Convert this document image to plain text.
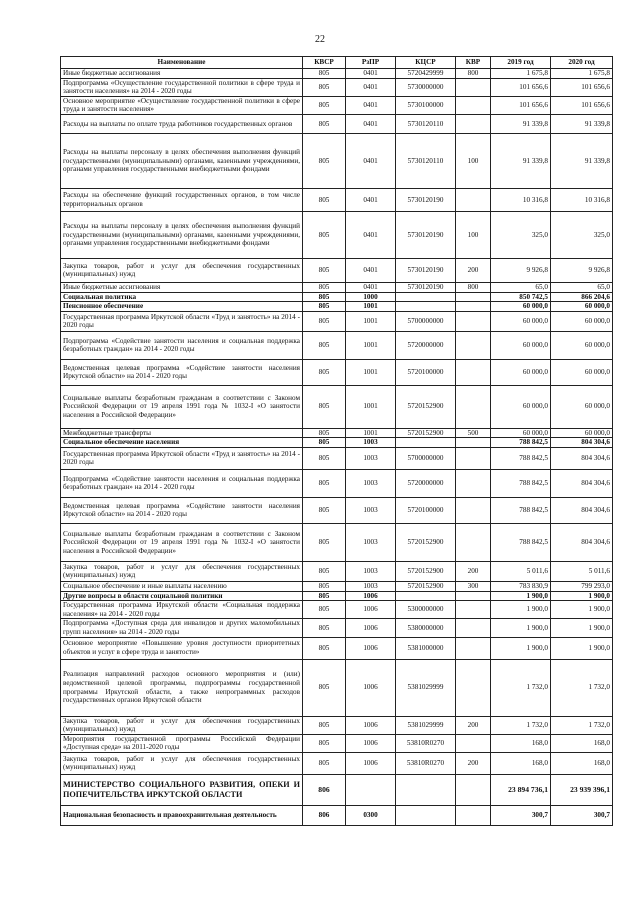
22
Наименование	КВСР	РзПР	КЦСР	КВР	2019 год	2020 год
Иные бюджетные ассигнования	805	0401	5720429999	800	1 675,8	1 675,8
Подпрограмма «Осуществление государственной политики в сфере труда и занятости населения» на 2014 - 2020 годы	805	0401	5730000000		101 656,6	101 656,6
Основное мероприятие «Осуществление государственной политики в сфере труда и занятости населения»	805	0401	5730100000		101 656,6	101 656,6
Расходы на выплаты по оплате труда работников государственных органов	805	0401	5730120110		91 339,8	91 339,8
Расходы на выплаты персоналу в целях обеспечения выполнения функций государственными (муниципальными) органами, казенными учреждениями, органами управления государственными внебюджетными фондами	805	0401	5730120110	100	91 339,8	91 339,8
Расходы на обеспечение функций государственных органов, в том числе территориальных органов	805	0401	5730120190		10 316,8	10 316,8
Расходы на выплаты персоналу в целях обеспечения выполнения функций государственными (муниципальными) органами, казенными учреждениями, органами управления государственными внебюджетными фондами	805	0401	5730120190	100	325,0	325,0
Закупка товаров, работ и услуг для обеспечения государственных (муниципальных) нужд	805	0401	5730120190	200	9 926,8	9 926,8
Иные бюджетные ассигнования	805	0401	5730120190	800	65,0	65,0
Социальная политика	805	1000			850 742,5	866 204,6
Пенсионное обеспечение	805	1001			60 000,0	60 000,0
Государственная программа Иркутской области «Труд и занятость» на 2014 - 2020 годы	805	1001	5700000000		60 000,0	60 000,0
Подпрограмма «Содействие занятости населения и социальная поддержка безработных граждан» на 2014 - 2020 годы	805	1001	5720000000		60 000,0	60 000,0
Ведомственная целевая программа «Содействие занятости населения Иркутской области» на 2014 - 2020 годы	805	1001	5720100000		60 000,0	60 000,0
Социальные выплаты безработным гражданам в соответствии с Законом Российской Федерации от 19 апреля 1991 года № 1032-I «О занятости населения в Российской Федерации»	805	1001	5720152900		60 000,0	60 000,0
Межбюджетные трансферты	805	1001	5720152900	500	60 000,0	60 000,0
Социальное обеспечение населения	805	1003			788 842,5	804 304,6
Государственная программа Иркутской области «Труд и занятость» на 2014 - 2020 годы	805	1003	5700000000		788 842,5	804 304,6
Подпрограмма «Содействие занятости населения и социальная поддержка безработных граждан» на 2014 - 2020 годы	805	1003	5720000000		788 842,5	804 304,6
Ведомственная целевая программа «Содействие занятости населения Иркутской области» на 2014 - 2020 годы	805	1003	5720100000		788 842,5	804 304,6
Социальные выплаты безработным гражданам в соответствии с Законом Российской Федерации от 19 апреля 1991 года № 1032-I «О занятости населения в Российской Федерации»	805	1003	5720152900		788 842,5	804 304,6
Закупка товаров, работ и услуг для обеспечения государственных (муниципальных) нужд	805	1003	5720152900	200	5 011,6	5 011,6
Социальное обеспечение и иные выплаты населению	805	1003	5720152900	300	783 830,9	799 293,0
Другие вопросы в области социальной политики	805	1006			1 900,0	1 900,0
Государственная программа Иркутской области «Социальная поддержка населения» на 2014 - 2020 годы	805	1006	5300000000		1 900,0	1 900,0
Подпрограмма «Доступная среда для инвалидов и других маломобильных групп населения» на 2014 - 2020 годы	805	1006	5380000000		1 900,0	1 900,0
Основное мероприятие «Повышение уровня доступности приоритетных объектов и услуг в сфере труда и занятости»	805	1006	5381000000		1 900,0	1 900,0
Реализация направлений расходов основного мероприятия и (или) ведомственной целевой программы, подпрограммы государственной программы Иркутской области, а также непрограммных расходов государственных органов Иркутской области	805	1006	5381029999		1 732,0	1 732,0
Закупка товаров, работ и услуг для обеспечения государственных (муниципальных) нужд	805	1006	5381029999	200	1 732,0	1 732,0
Мероприятия государственной программы Российской Федерации «Доступная среда» на 2011-2020 годы	805	1006	53810R0270		168,0	168,0
Закупка товаров, работ и услуг для обеспечения государственных (муниципальных) нужд	805	1006	53810R0270	200	168,0	168,0
МИНИСТЕРСТВО СОЦИАЛЬНОГО РАЗВИТИЯ, ОПЕКИ И ПОПЕЧИТЕЛЬСТВА ИРКУТСКОЙ ОБЛАСТИ	806				23 894 736,1	23 939 396,1
Национальная безопасность и правоохранительная деятельность	806	0300			300,7	300,7
